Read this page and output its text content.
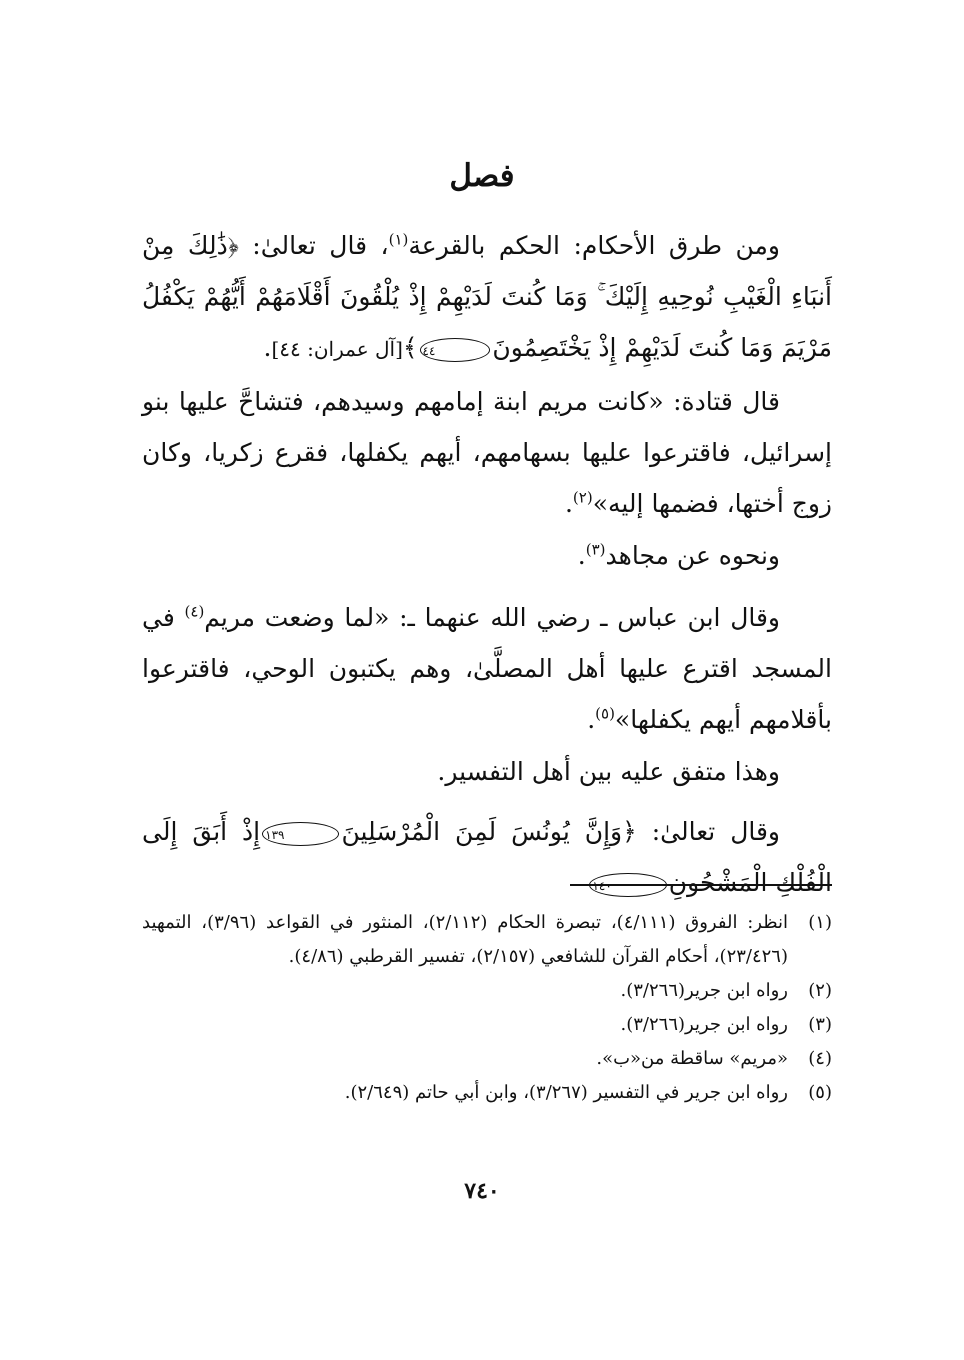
فصل

ومن طرق الأحكام: الحكم بالقرعة$^{(١)}$، قال تعالىٰ: ﴿ذَٰلِكَ مِنْ أَنبَاءِ الْغَيْبِ نُوحِيهِ إِلَيْكَ ۚ وَمَا كُنتَ لَدَيْهِمْ إِذْ يُلْقُونَ أَقْلَامَهُمْ أَيُّهُمْ يَكْفُلُ مَرْيَمَ وَمَا كُنتَ لَدَيْهِمْ إِذْ يَخْتَصِمُونَ٤٤﴾[آل عمران: ٤٤].

قال قتادة: «كانت مريم ابنة إمامهم وسيدهم، فتشاحَّ عليها بنو إسرائيل، فاقترعوا عليها بسهامهم، أيهم يكفلها، فقرع زكريا، وكان زوج أختها، فضمها إليه»$^{(٢)}$.

ونحوه عن مجاهد$^{(٣)}$.

وقال ابن عباس ـ رضي الله عنهما ـ: «لما وضعت مريم$^{(٤)}$ في المسجد اقترع عليها أهل المصلَّىٰ، وهم يكتبون الوحي، فاقترعوا بأقلامهم أيهم يكفلها»$^{(٥)}$.

وهذا متفق عليه بين أهل التفسير.

وقال تعالىٰ: ﴿وَإِنَّ يُونُسَ لَمِنَ الْمُرْسَلِينَ١٣٩إِذْ أَبَقَ إِلَى الْفُلْكِ الْمَشْحُونِ١٤٠

(١)
انظر: الفروق (٤/١١١)، تبصرة الحكام (٢/١١٢)، المنثور في القواعد (٣/٩٦)، التمهيد (٢٣/٤٢٦)، أحكام القرآن للشافعي (٢/١٥٧)، تفسير القرطبي (٤/٨٦).
(٢)
رواه ابن جرير(٣/٢٦٦).
(٣)
رواه ابن جرير(٣/٢٦٦).
(٤)
«مريم» ساقطة من«ب».
(٥)
رواه ابن جرير في التفسير (٣/٢٦٧)، وابن أبي حاتم (٢/٦٤٩).
٧٤٠
